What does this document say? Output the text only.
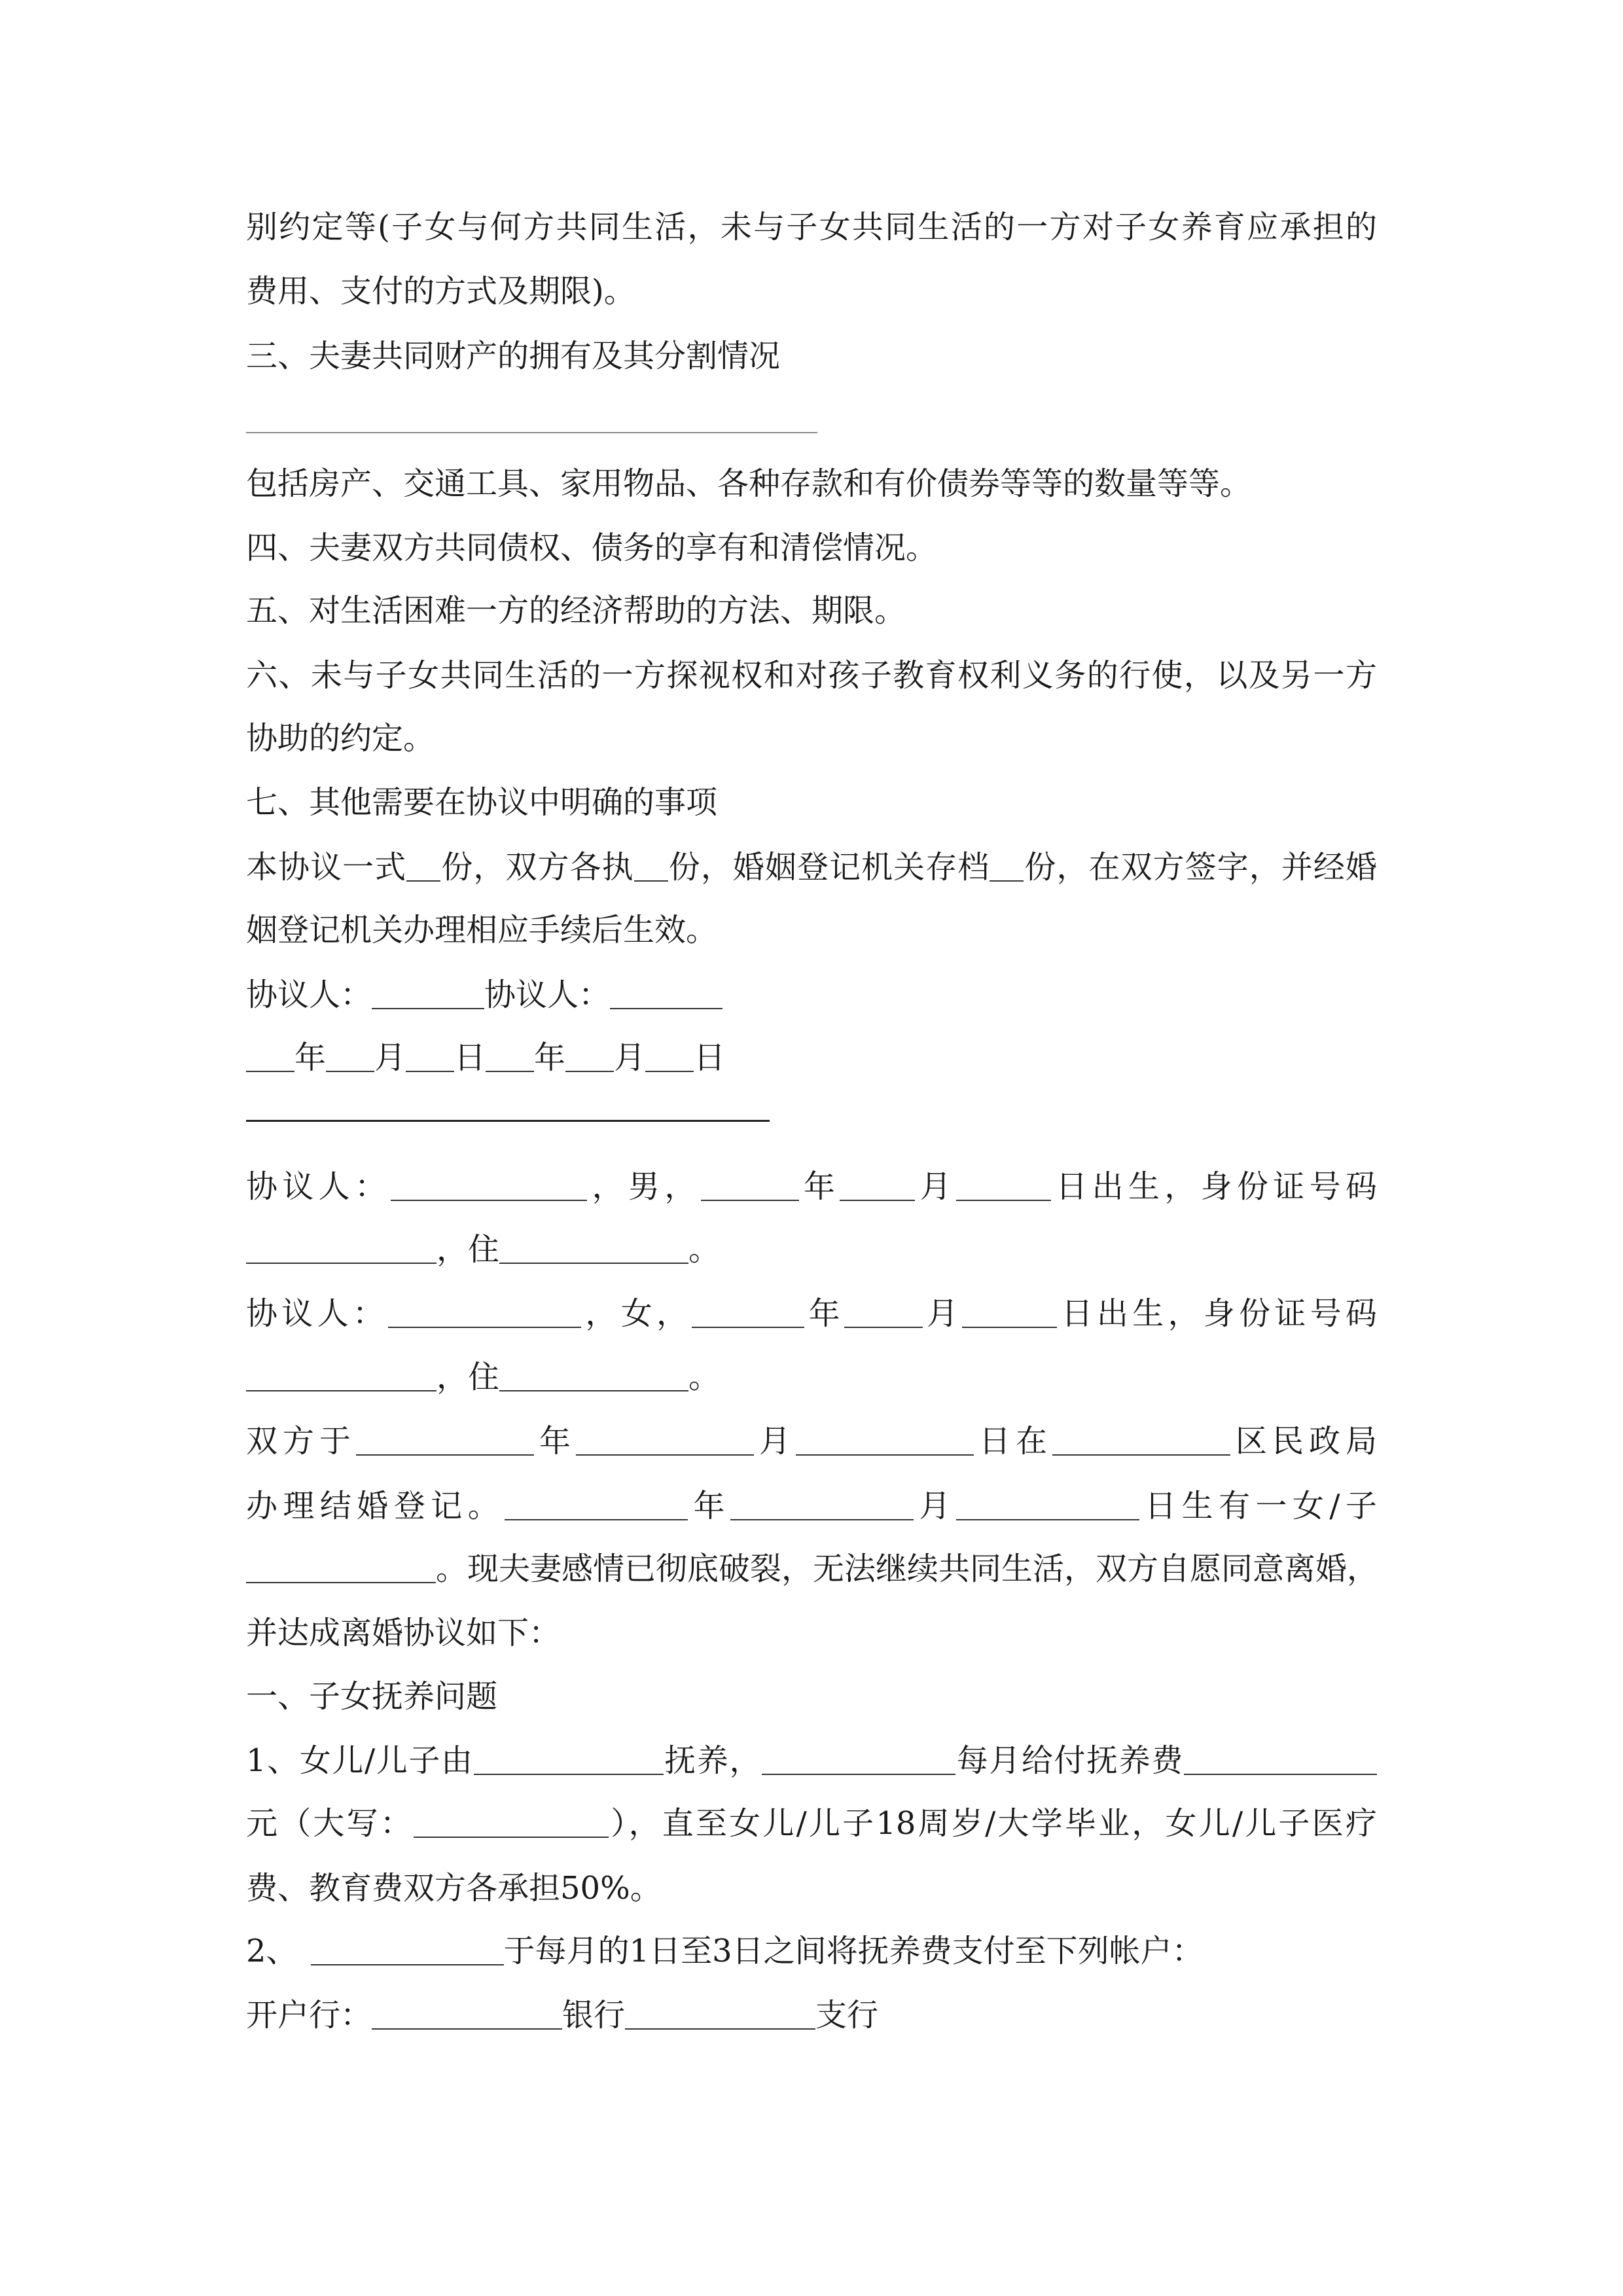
别约定等(子女与何方共同生活，未与子女共同生活的一方对子女养育应承担的
费用、支付的方式及期限)。
三、夫妻共同财产的拥有及其分割情况
包括房产、交通工具、家用物品、各种存款和有价债券等等的数量等等。
四、夫妻双方共同债权、债务的享有和清偿情况。
五、对生活困难一方的经济帮助的方法、期限。
六、未与子女共同生活的一方探视权和对孩子教育权利义务的行使，以及另一方
协助的约定。
七、其他需要在协议中明确的事项
本协议一式 份，双方各执 份，婚姻登记机关存档 份，在双方签字，并经婚
姻登记机关办理相应手续后生效。
协议人：	协议人：
年 月 日 年 月 日
协议人：	，男，	年 月	日出生，身份证号码
，住	。
协议人：	，女，	年	月	日出生，身份证号码
，住	。
双方于	年	月	日在	区民政局
办理结婚登记。	年	月	日生有一女/子
。现夫妻感情已彻底破裂，无法继续共同生活，双方自愿同意离婚，
并达成离婚协议如下：
一、子女抚养问题
1、女儿/儿子由	抚养，	每月给付抚养费
元（大写：	），直至女儿/儿子18周岁/大学毕业，女儿/儿子医疗
费、教育费双方各承担50%。
2、	于每月的1日至3日之间将抚养费支付至下列帐户：
开户行：	银行	支行
